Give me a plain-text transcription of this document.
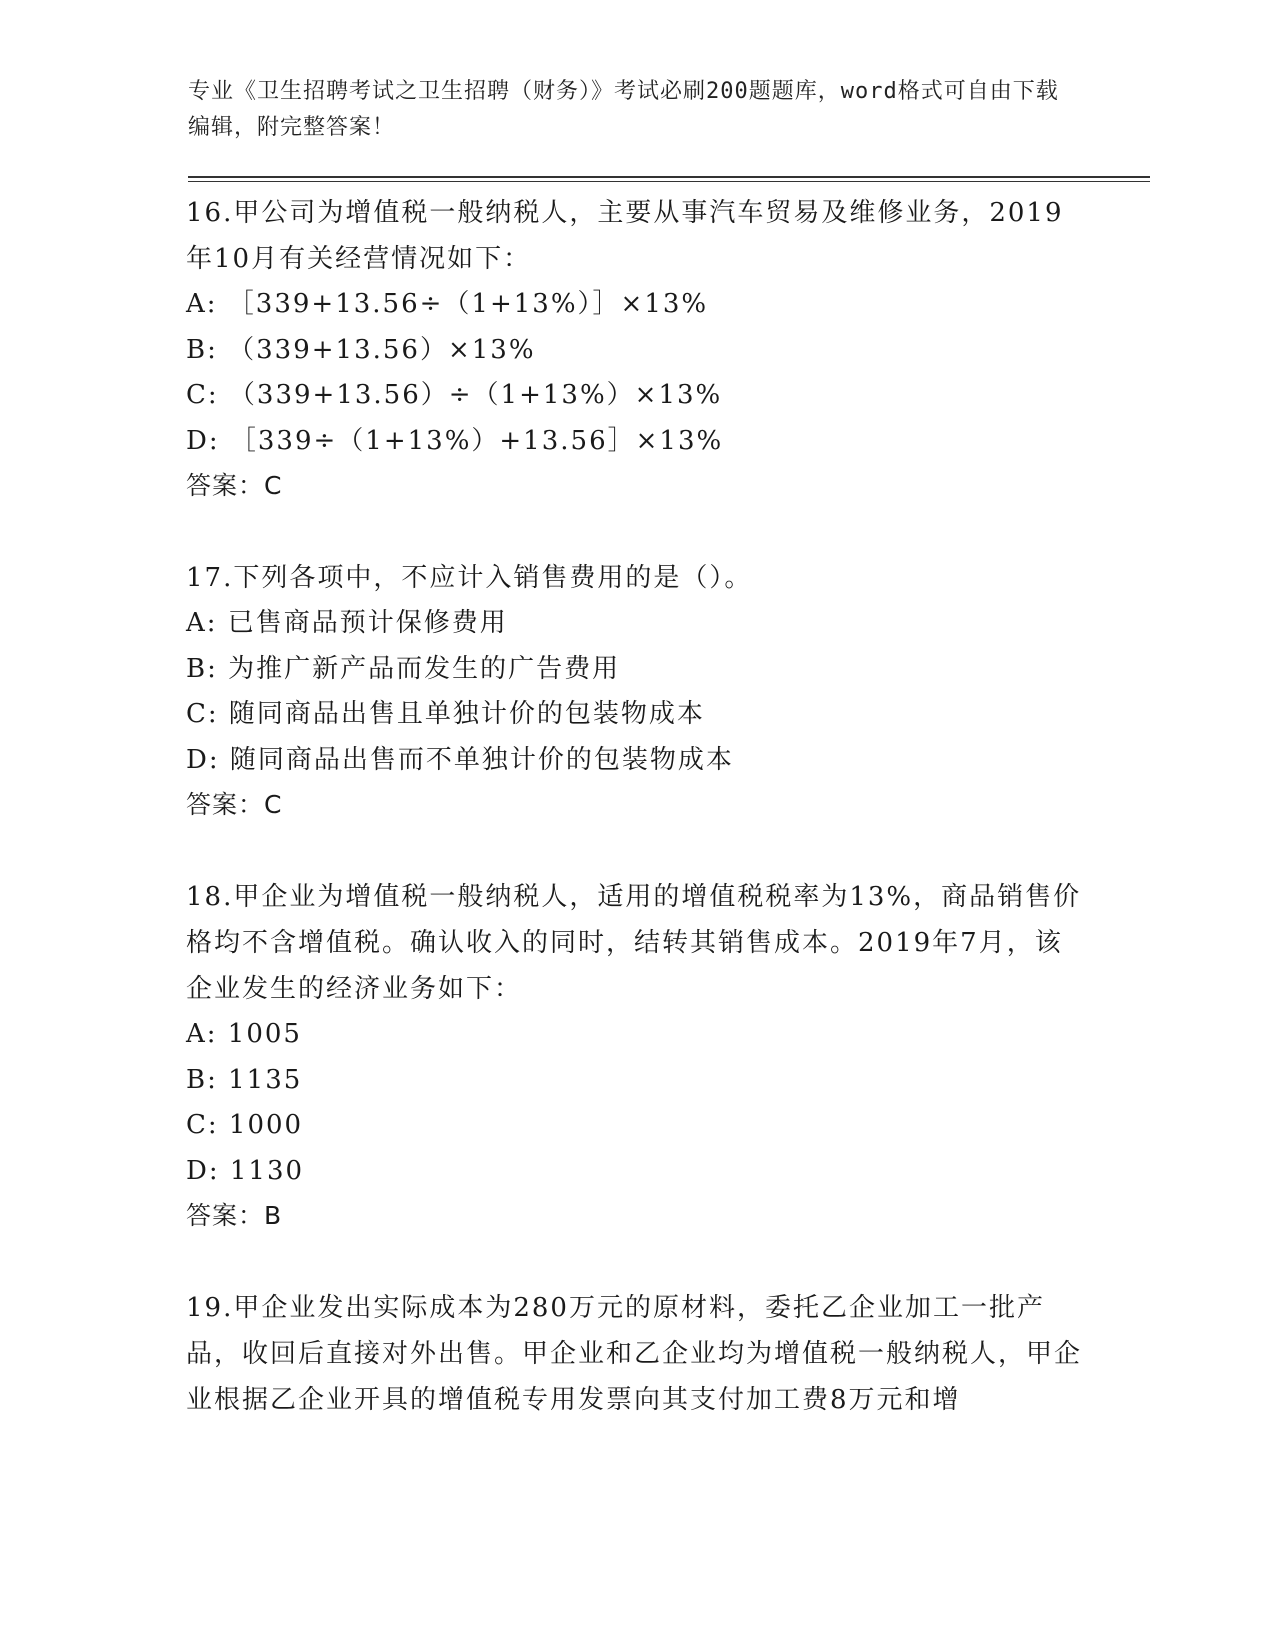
专业《卫生招聘考试之卫生招聘（财务）》考试必刷200题题库，word格式可自由下载编辑，附完整答案！
16.甲公司为增值税一般纳税人，主要从事汽车贸易及维修业务，2019年10月有关经营情况如下：
A: ［339+13.56÷（1+13%）］×13%
B: （339+13.56）×13%
C: （339+13.56）÷（1+13%）×13%
D: ［339÷（1+13%）+13.56］×13%
答案：C
17.下列各项中，不应计入销售费用的是（）。
A: 已售商品预计保修费用
B: 为推广新产品而发生的广告费用
C: 随同商品出售且单独计价的包装物成本
D: 随同商品出售而不单独计价的包装物成本
答案：C
18.甲企业为增值税一般纳税人，适用的增值税税率为13%，商品销售价格均不含增值税。确认收入的同时，结转其销售成本。2019年7月，该企业发生的经济业务如下：
A: 1005
B: 1135
C: 1000
D: 1130
答案：B
19.甲企业发出实际成本为280万元的原材料，委托乙企业加工一批产品，收回后直接对外出售。甲企业和乙企业均为增值税一般纳税人，甲企业根据乙企业开具的增值税专用发票向其支付加工费8万元和增
